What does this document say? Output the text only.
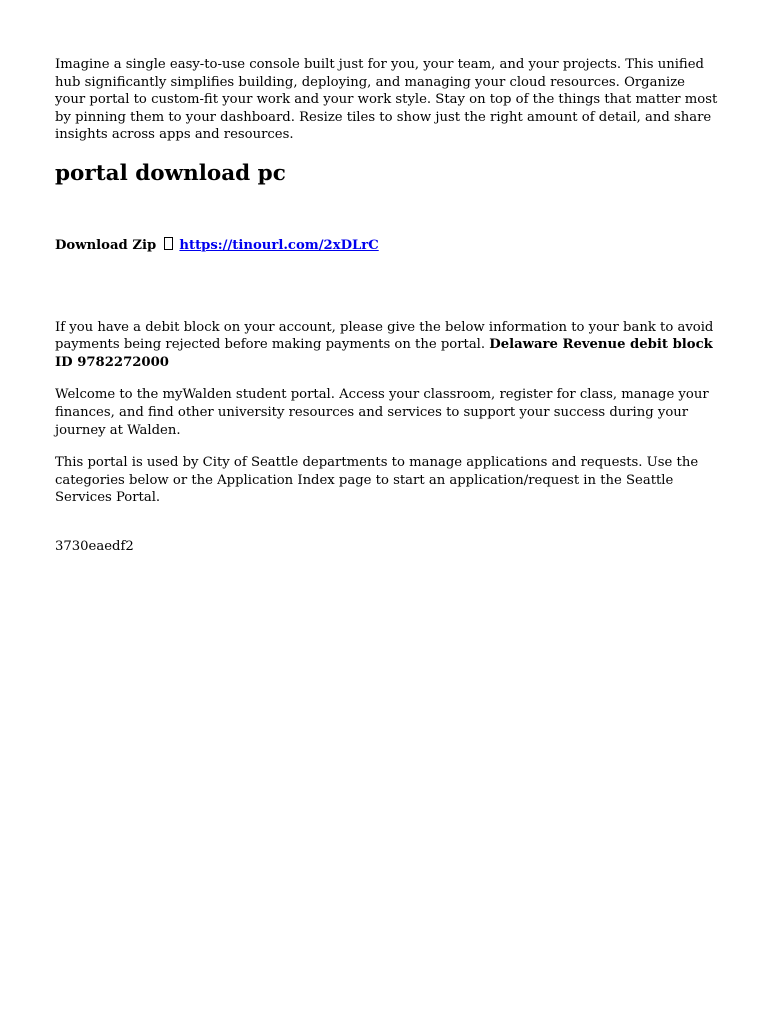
Imagine a single easy-to-use console built just for you, your team, and your projects. This unified hub significantly simplifies building, deploying, and managing your cloud resources. Organize your portal to custom-fit your work and your work style. Stay on top of the things that matter most by pinning them to your dashboard. Resize tiles to show just the right amount of detail, and share insights across apps and resources.

portal download pc
Download Zip https://tinourl.com/2xDLrC

If you have a debit block on your account, please give the below information to your bank to avoid payments being rejected before making payments on the portal. Delaware Revenue debit block ID 9782272000

Welcome to the myWalden student portal. Access your classroom, register for class, manage your finances, and find other university resources and services to support your success during your journey at Walden.

This portal is used by City of Seattle departments to manage applications and requests. Use the categories below or the Application Index page to start an application/request in the Seattle Services Portal.

3730eaedf2
